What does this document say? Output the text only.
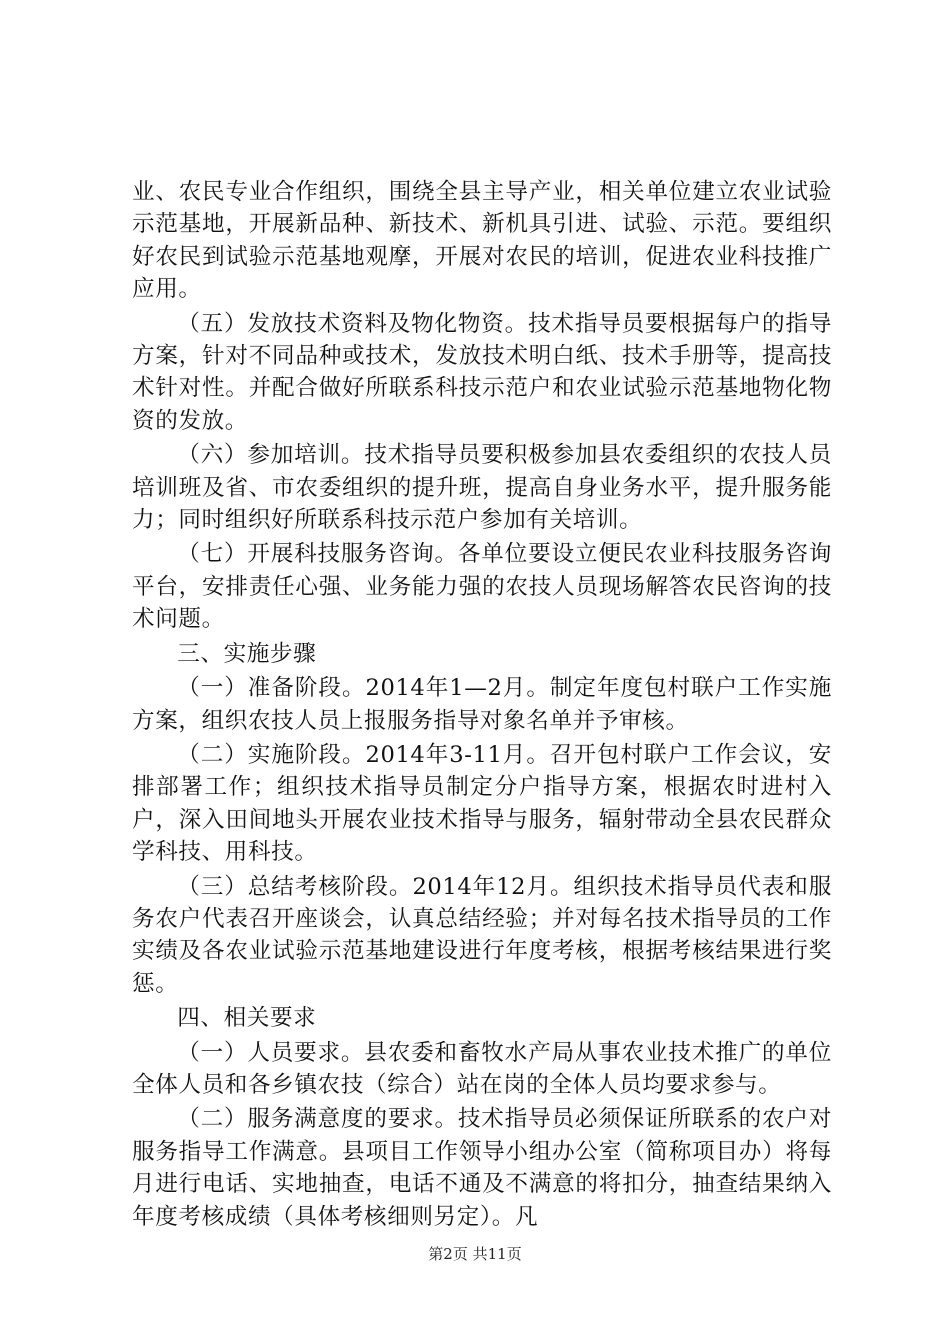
业、农民专业合作组织，围绕全县主导产业，相关单位建立农业试验示范基地，开展新品种、新技术、新机具引进、试验、示范。要组织好农民到试验示范基地观摩，开展对农民的培训，促进农业科技推广应用。

（五）发放技术资料及物化物资。技术指导员要根据每户的指导方案，针对不同品种或技术，发放技术明白纸、技术手册等，提高技术针对性。并配合做好所联系科技示范户和农业试验示范基地物化物资的发放。

（六）参加培训。技术指导员要积极参加县农委组织的农技人员培训班及省、市农委组织的提升班，提高自身业务水平，提升服务能力；同时组织好所联系科技示范户参加有关培训。

（七）开展科技服务咨询。各单位要设立便民农业科技服务咨询平台，安排责任心强、业务能力强的农技人员现场解答农民咨询的技术问题。

三、实施步骤

（一）准备阶段。2014年1—2月。制定年度包村联户工作实施方案，组织农技人员上报服务指导对象名单并予审核。

（二）实施阶段。2014年3-11月。召开包村联户工作会议，安排部署工作；组织技术指导员制定分户指导方案，根据农时进村入户，深入田间地头开展农业技术指导与服务，辐射带动全县农民群众学科技、用科技。

（三）总结考核阶段。2014年12月。组织技术指导员代表和服务农户代表召开座谈会，认真总结经验；并对每名技术指导员的工作实绩及各农业试验示范基地建设进行年度考核，根据考核结果进行奖惩。

四、相关要求

（一）人员要求。县农委和畜牧水产局从事农业技术推广的单位全体人员和各乡镇农技（综合）站在岗的全体人员均要求参与。

（二）服务满意度的要求。技术指导员必须保证所联系的农户对服务指导工作满意。县项目工作领导小组办公室（简称项目办）将每月进行电话、实地抽查，电话不通及不满意的将扣分，抽查结果纳入年度考核成绩（具体考核细则另定）。凡

第2页 共11页
